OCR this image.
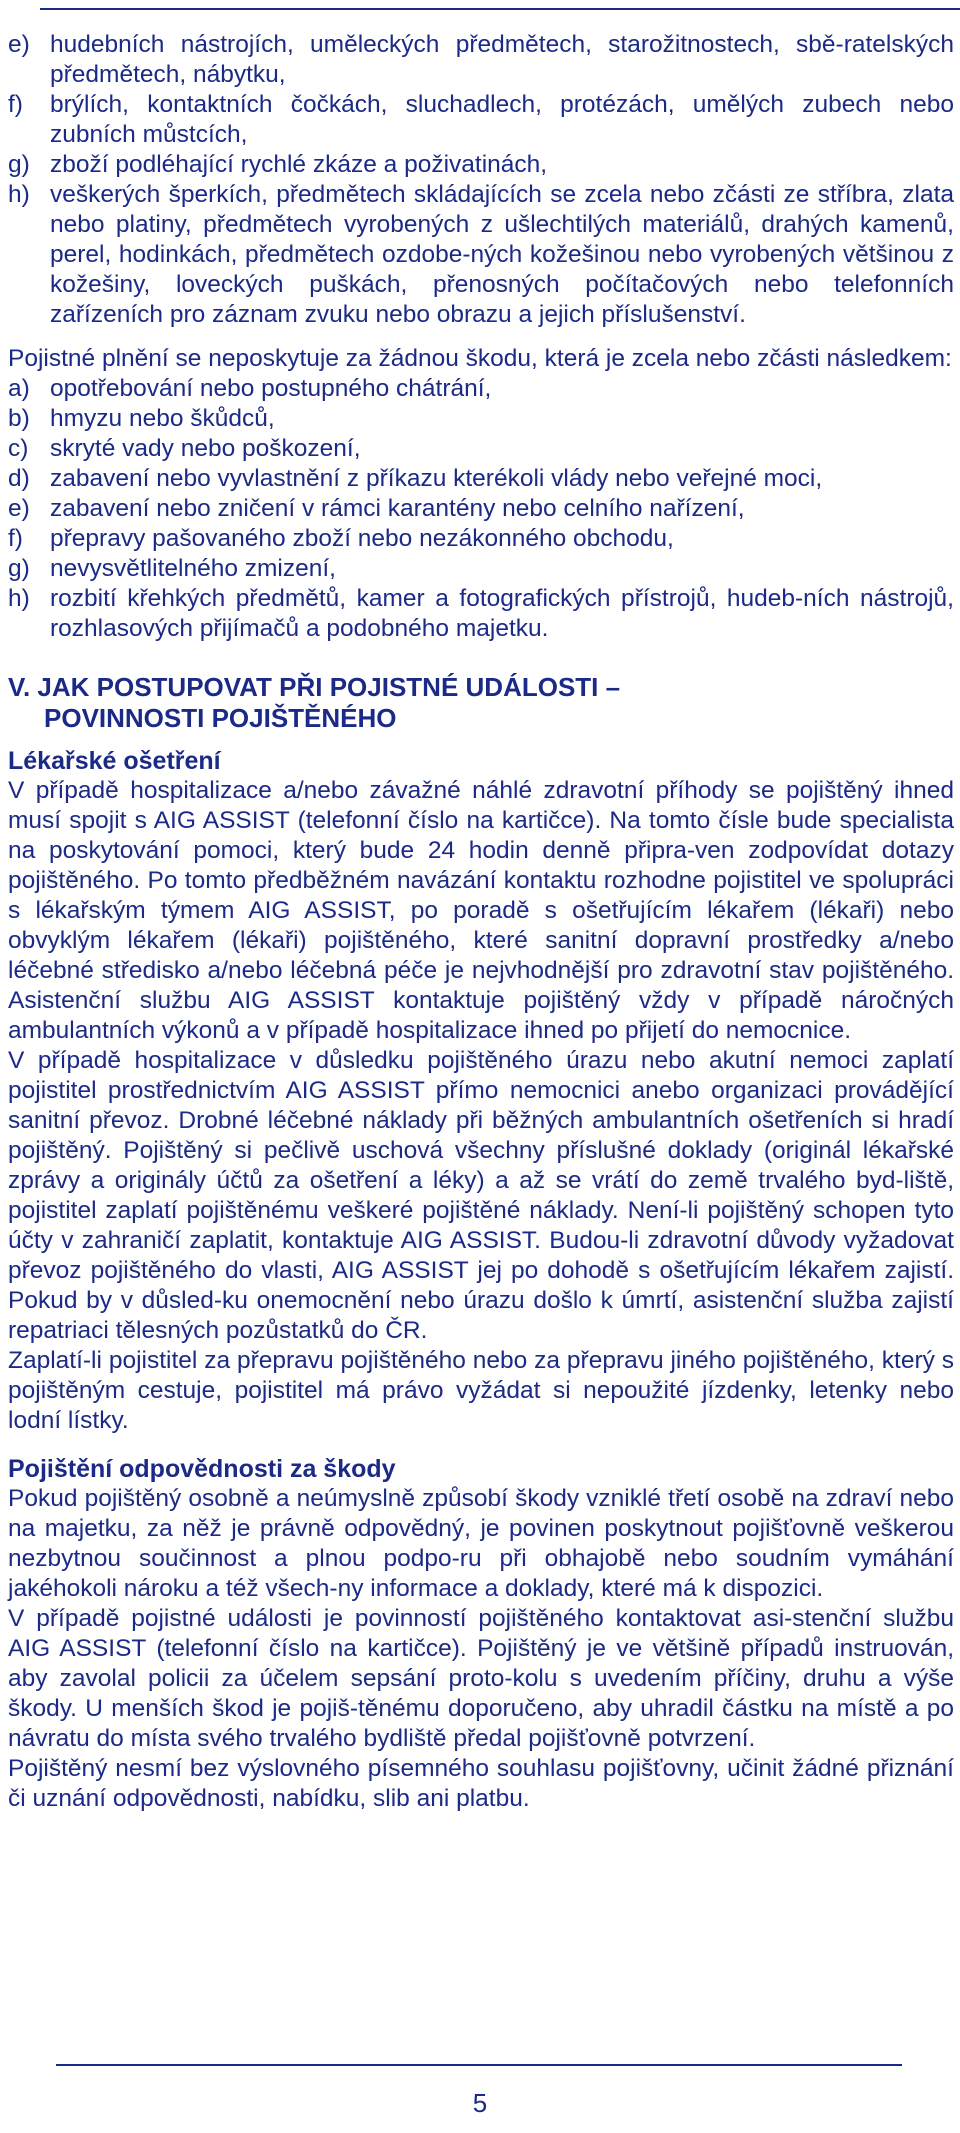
e) hudebních nástrojích, uměleckých předmětech, starožitnostech, sbě-ratelských předmětech, nábytku,
f) brýlích, kontaktních čočkách, sluchadlech, protézách, umělých zubech nebo zubních můstcích,
g) zboží podléhající rychlé zkáze a poživatinách,
h) veškerých šperkích, předmětech skládajících se zcela nebo zčásti ze stříbra, zlata nebo platiny, předmětech vyrobených z ušlechtilých materiálů, drahých kamenů, perel, hodinkách, předmětech ozdobe-ných kožešinou nebo vyrobených většinou z kožešiny, loveckých puškách, přenosných počítačových nebo telefonních zařízeních pro záznam zvuku nebo obrazu a jejich příslušenství.

Pojistné plnění se neposkytuje za žádnou škodu, která je zcela nebo zčásti následkem:

a) opotřebování nebo postupného chátrání,
b) hmyzu nebo škůdců,
c) skryté vady nebo poškození,
d) zabavení nebo vyvlastnění z příkazu kterékoli vlády nebo veřejné moci,
e) zabavení nebo zničení v rámci karantény nebo celního nařízení,
f) přepravy pašovaného zboží nebo nezákonného obchodu,
g) nevysvětlitelného zmizení,
h) rozbití křehkých předmětů, kamer a fotografických přístrojů, hudeb-ních nástrojů, rozhlasových přijímačů a podobného majetku.
V. JAK POSTUPOVAT PŘI POJISTNÉ UDÁLOSTI –
POVINNOSTI POJIŠTĚNÉHO
Lékařské ošetření

V případě hospitalizace a/nebo závažné náhlé zdravotní příhody se pojištěný ihned musí spojit s AIG ASSIST (telefonní číslo na kartičce). Na tomto čísle bude specialista na poskytování pomoci, který bude 24 hodin denně připra-ven zodpovídat dotazy pojištěného. Po tomto předběžném navázání kontaktu rozhodne pojistitel ve spolupráci s lékařským týmem AIG ASSIST, po poradě s ošetřujícím lékařem (lékaři) nebo obvyklým lékařem (lékaři) pojištěného, které sanitní dopravní prostředky a/nebo léčebné středisko a/nebo léčebná péče je nejvhodnější pro zdravotní stav pojištěného. Asistenční službu AIG ASSIST kontaktuje pojištěný vždy v případě náročných ambulantních výkonů a v případě hospitalizace ihned po přijetí do nemocnice.

V případě hospitalizace v důsledku pojištěného úrazu nebo akutní nemoci zaplatí pojistitel prostřednictvím AIG ASSIST přímo nemocnici anebo organizaci provádějící sanitní převoz. Drobné léčebné náklady při běžných ambulantních ošetřeních si hradí pojištěný. Pojištěný si pečlivě uschová všechny příslušné doklady (originál lékařské zprávy a originály účtů za ošetření a léky) a až se vrátí do země trvalého byd-liště, pojistitel zaplatí pojištěnému veškeré pojištěné náklady. Není-li pojištěný schopen tyto účty v zahraničí zaplatit, kontaktuje AIG ASSIST. Budou-li zdravotní důvody vyžadovat převoz pojištěného do vlasti, AIG ASSIST jej po dohodě s ošetřujícím lékařem zajistí. Pokud by v důsled-ku onemocnění nebo úrazu došlo k úmrtí, asistenční služba zajistí repatriaci tělesných pozůstatků do ČR.

Zaplatí-li pojistitel za přepravu pojištěného nebo za přepravu jiného pojištěného, který s pojištěným cestuje, pojistitel má právo vyžádat si nepoužité jízdenky, letenky nebo lodní lístky.

Pojištění odpovědnosti za škody

Pokud pojištěný osobně a neúmyslně způsobí škody vzniklé třetí osobě na zdraví nebo na majetku, za něž je právně odpovědný, je povinen poskytnout pojišťovně veškerou nezbytnou součinnost a plnou podpo-ru při obhajobě nebo soudním vymáhání jakéhokoli nároku a též všech-ny informace a doklady, které má k dispozici.

V případě pojistné události je povinností pojištěného kontaktovat asi-stenční službu AIG ASSIST (telefonní číslo na kartičce). Pojištěný je ve většině případů instruován, aby zavolal policii za účelem sepsání proto-kolu s uvedením příčiny, druhu a výše škody. U menších škod je pojiš-těnému doporučeno, aby uhradil částku na místě a po návratu do místa svého trvalého bydliště předal pojišťovně potvrzení.

Pojištěný nesmí bez výslovného písemného souhlasu pojišťovny, učinit žádné přiznání či uznání odpovědnosti, nabídku, slib ani platbu.

5
